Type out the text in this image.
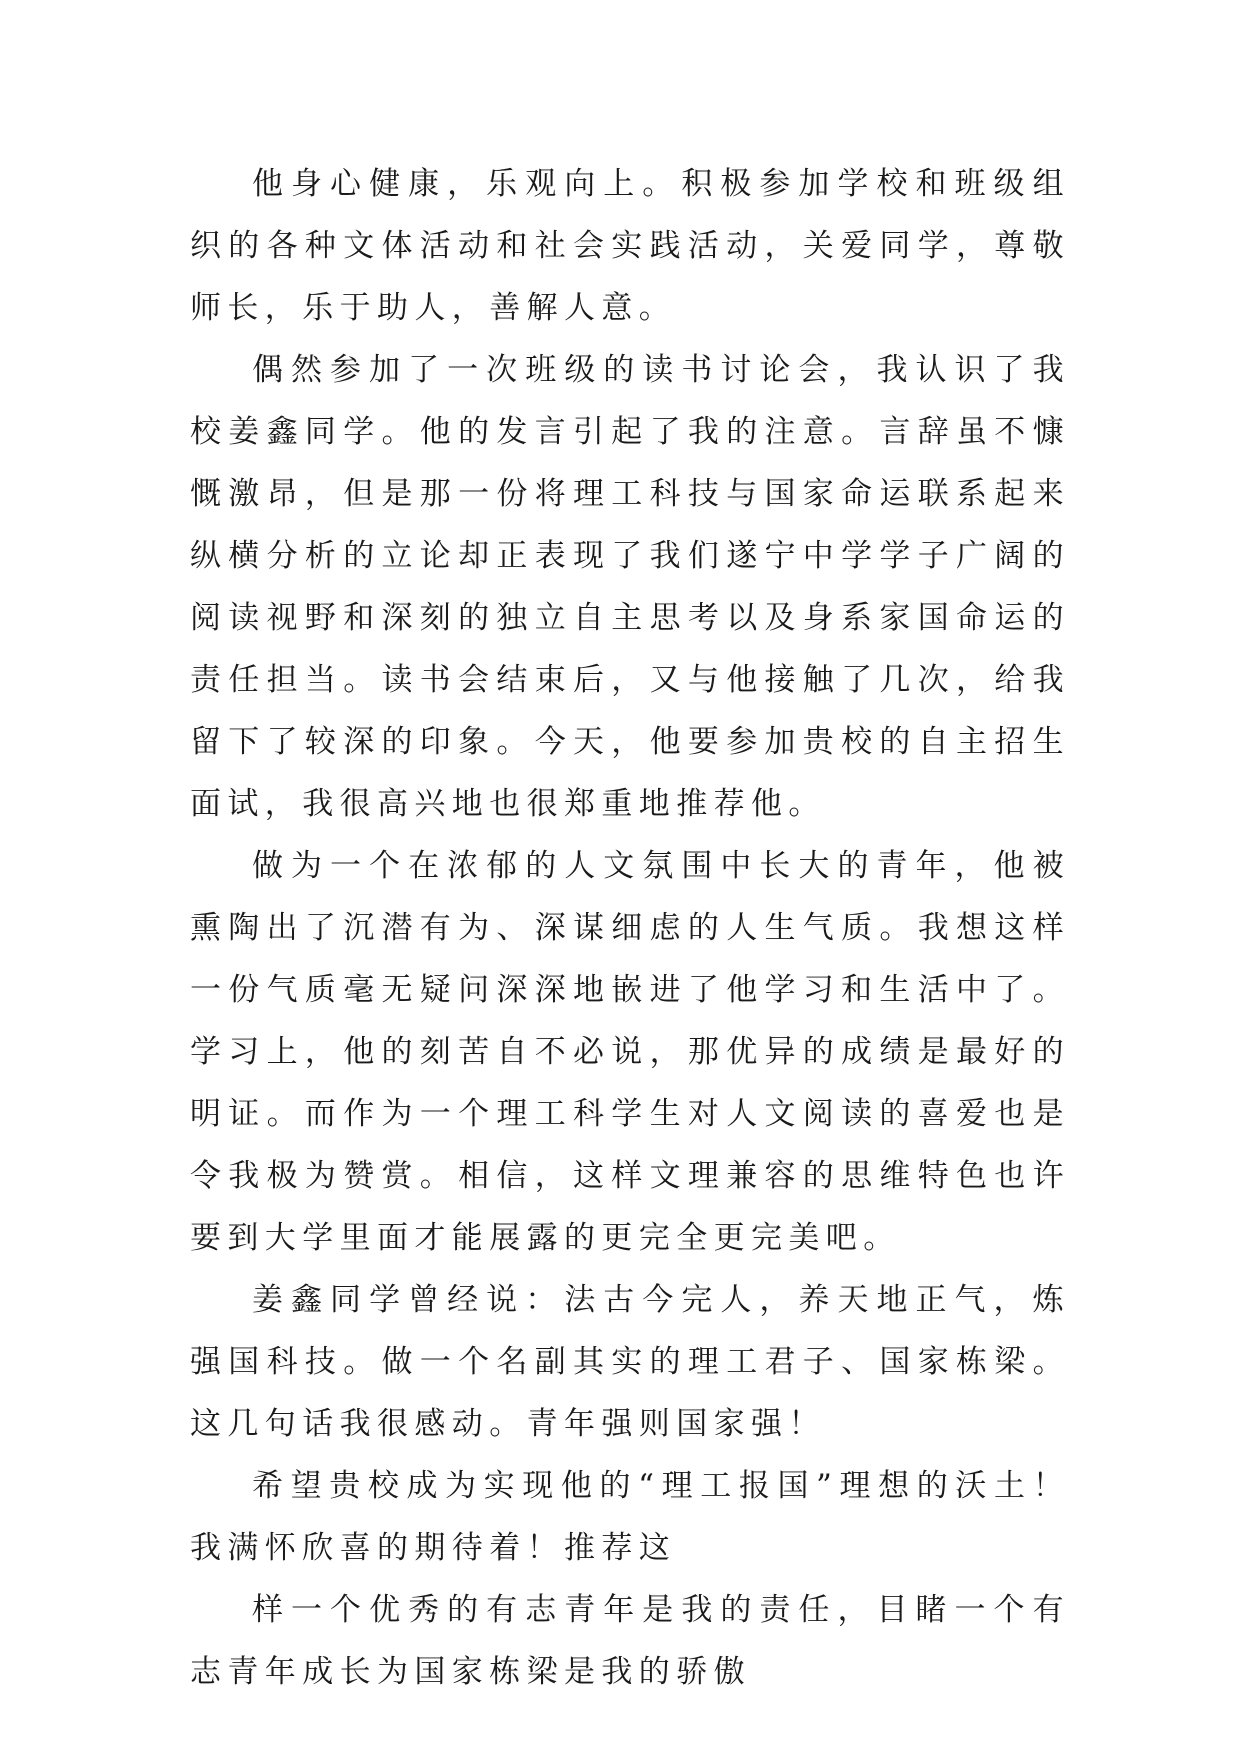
他身心健康，乐观向上。积极参加学校和班级组织的各种文体活动和社会实践活动，关爱同学，尊敬师长，乐于助人，善解人意。

偶然参加了一次班级的读书讨论会，我认识了我校姜鑫同学。他的发言引起了我的注意。言辞虽不慷慨激昂，但是那一份将理工科技与国家命运联系起来纵横分析的立论却正表现了我们遂宁中学学子广阔的阅读视野和深刻的独立自主思考以及身系家国命运的责任担当。读书会结束后，又与他接触了几次，给我留下了较深的印象。今天，他要参加贵校的自主招生面试，我很高兴地也很郑重地推荐他。

做为一个在浓郁的人文氛围中长大的青年，他被熏陶出了沉潜有为、深谋细虑的人生气质。我想这样一份气质毫无疑问深深地嵌进了他学习和生活中了。学习上，他的刻苦自不必说，那优异的成绩是最好的明证。而作为一个理工科学生对人文阅读的喜爱也是令我极为赞赏。相信，这样文理兼容的思维特色也许要到大学里面才能展露的更完全更完美吧。

姜鑫同学曾经说：法古今完人，养天地正气，炼强国科技。做一个名副其实的理工君子、国家栋梁。这几句话我很感动。青年强则国家强！

希望贵校成为实现他的“理工报国”理想的沃土！我满怀欣喜的期待着！推荐这

样一个优秀的有志青年是我的责任，目睹一个有志青年成长为国家栋梁是我的骄傲
